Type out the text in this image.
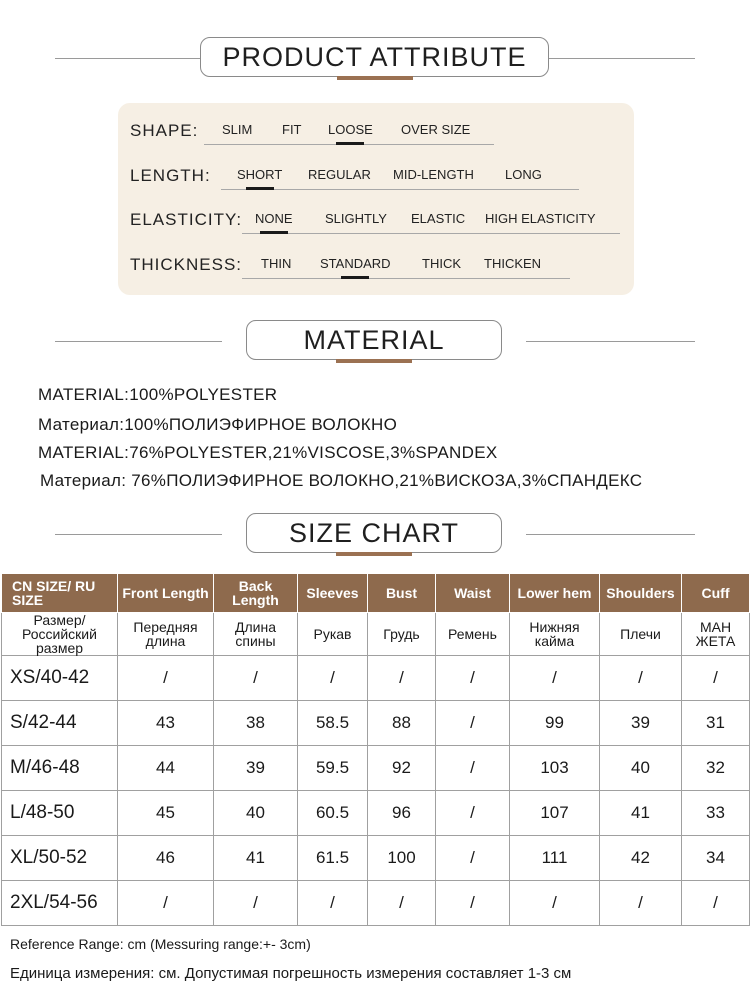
PRODUCT ATTRIBUTE
SHAPE: SLIM FIT LOOSE OVER SIZE
LENGTH: SHORT REGULAR MID-LENGTH LONG
ELASTICITY: NONE SLIGHTLY ELASTIC HIGH ELASTICITY
THICKNESS: THIN STANDARD THICK THICKEN
MATERIAL
MATERIAL:100%POLYESTER
Материал:100%ПОЛИЭФИРНОЕ ВОЛОКНО
MATERIAL:76%POLYESTER,21%VISCOSE,3%SPANDEX
Материал: 76%ПОЛИЭФИРНОЕ ВОЛОКНО,21%ВИСКОЗА,3%СПАНДЕКС
SIZE CHART
CN SIZE/ RU SIZE	Front Length	Back Length	Sleeves	Bust	Waist	Lower hem	Shoulders	Cuff
Размер/ Российский размер	Передняя длина	Длина спины	Рукав	Грудь	Ремень	Нижняя кайма	Плечи	МАН ЖЕТА
XS/40-42	/	/	/	/	/	/	/	/
S/42-44	43	38	58.5	88	/	99	39	31
M/46-48	44	39	59.5	92	/	103	40	32
L/48-50	45	40	60.5	96	/	107	41	33
XL/50-52	46	41	61.5	100	/	111	42	34
2XL/54-56	/	/	/	/	/	/	/	/
Reference Range: cm (Messuring range:+- 3cm)
Единица измерения: см. Допустимая погрешность измерения составляет 1-3 см
